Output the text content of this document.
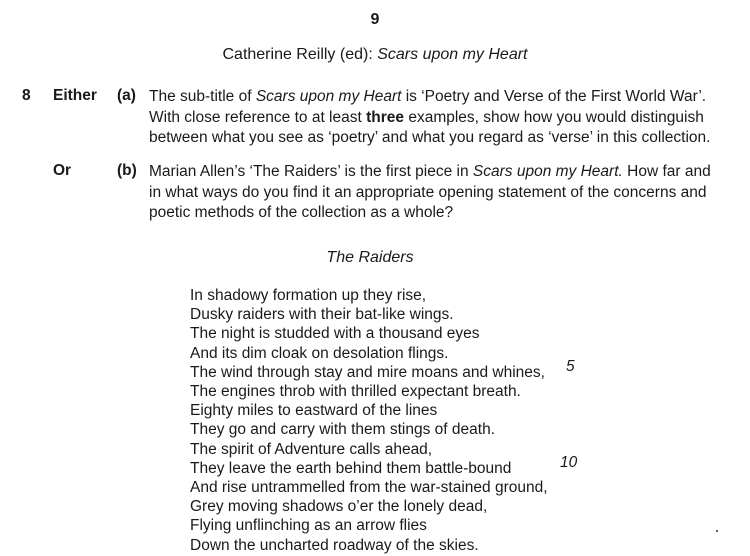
9
Catherine Reilly (ed): Scars upon my Heart
8 Either
Or
(a)
(b)
The sub-title of Scars upon my Heart is ‘Poetry and Verse of the First World War’.
With close reference to at least three examples, show how you would distinguish
between what you see as ‘poetry’ and what you regard as ‘verse’ in this collection.
Marian Allen’s ‘The Raiders’ is the first piece in Scars upon my Heart. How far and
in what ways do you find it an appropriate opening statement of the concerns and
poetic methods of the collection as a whole?
The Raiders
In shadowy formation up they rise,
Dusky raiders with their bat-like wings.
The night is studded with a thousand eyes
And its dim cloak on desolation flings.
The wind through stay and mire moans and whines,
The engines throb with thrilled expectant breath.
Eighty miles to eastward of the lines
They go and carry with them stings of death.
The spirit of Adventure calls ahead,
They leave the earth behind them battle-bound
And rise untrammelled from the war-stained ground,
Grey moving shadows o’er the lonely dead,
Flying unflinching as an arrow flies
Down the uncharted roadway of the skies.
5
10
